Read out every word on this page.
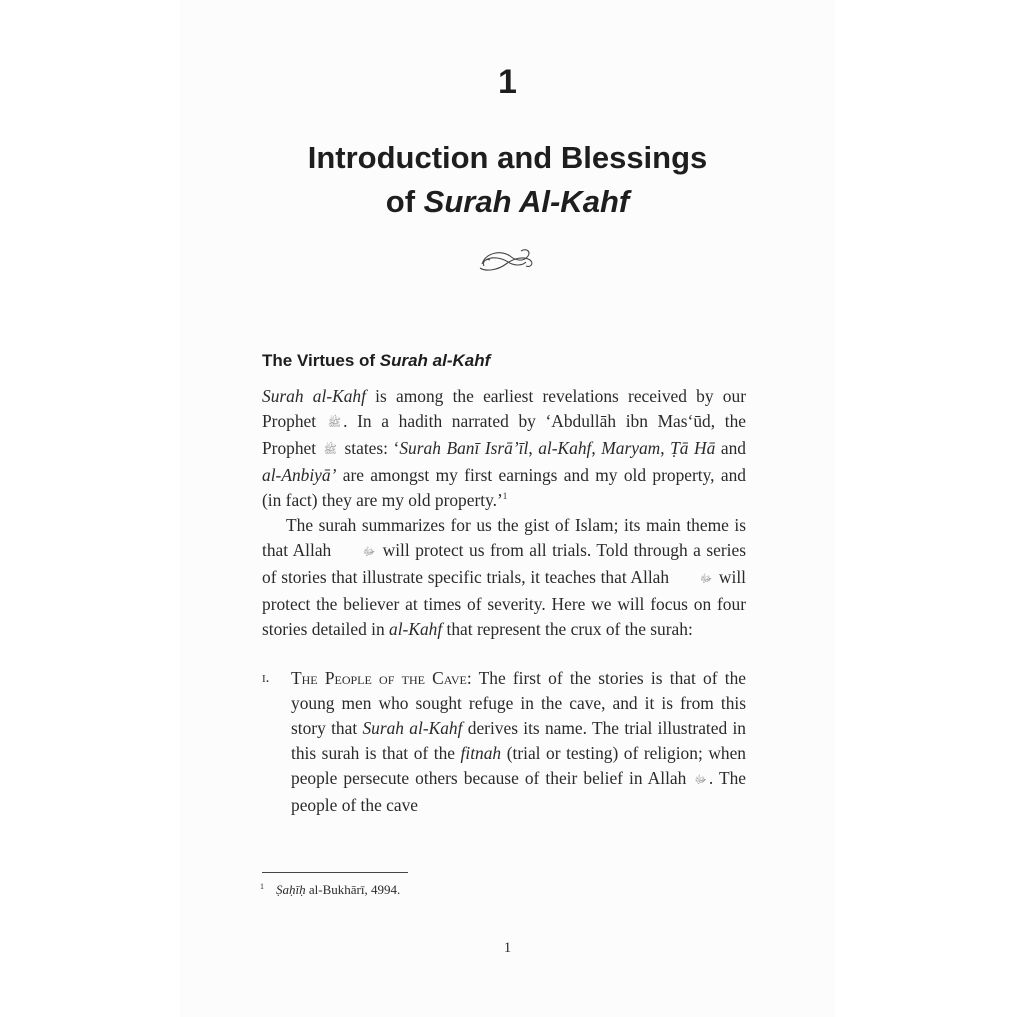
1
Introduction and Blessings
of Surah Al-Kahf
The Virtues of Surah al-Kahf

Surah al-Kahf is among the earliest revelations received by our Prophet ﷺ . In a hadith narrated by ‘Abdullāh ibn Mas‘ūd, the Prophet ﷺ states: ‘Surah Banī Isrā’īl, al-Kahf, Maryam, Ṭā Hā and al-Anbiyā’ are amongst my first earnings and my old property, and (in fact) they are my old property.’$^1$

The surah summarizes for us the gist of Islam; its main theme is that Allah	ﷻ will protect us from all trials. Told through a series of stories that illustrate specific trials, it teaches that Allah	ﷻ will protect the believer at times of severity. Here we will focus on four stories detailed in al-Kahf that represent the crux of the surah:

i.	The People of the Cave: The first of the stories is that of the young men who sought refuge in the cave, and it is from this story that Surah al-Kahf derives its name. The trial illustrated in this surah is that of the fitnah (trial or testing) of religion; when people persecute others because of their belief in Allah ﷻ . The people of the cave
1 Ṣaḥīḥ al-Bukhārī, 4994.
1
